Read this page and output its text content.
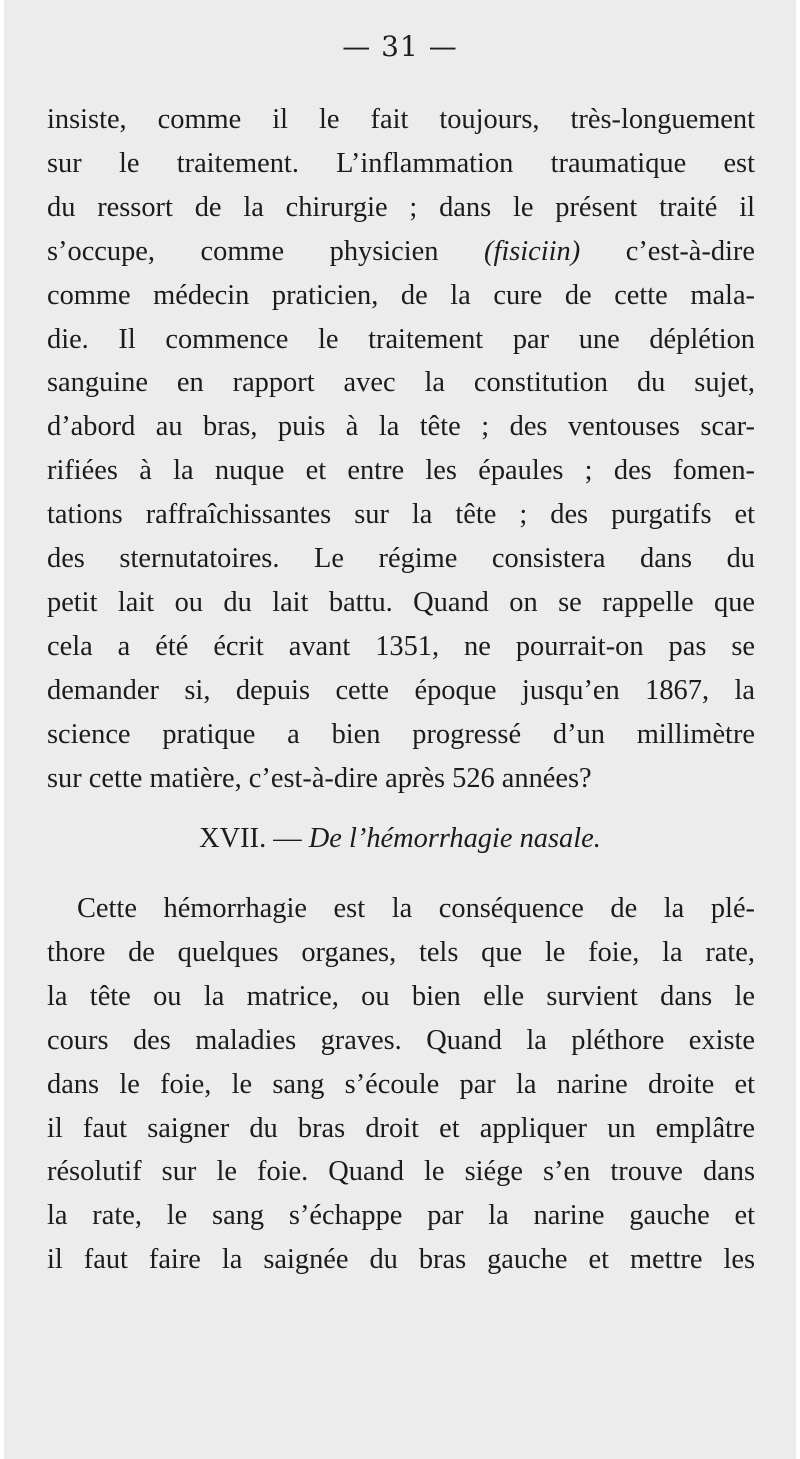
— 31 —

insiste, comme il le fait toujours, très-longuement
sur le traitement. L’inflammation traumatique est
du ressort de la chirurgie ; dans le présent traité il
s’occupe, comme physicien (fisiciin) c’est-à-dire
comme médecin praticien, de la cure de cette mala-
die. Il commence le traitement par une déplétion
sanguine en rapport avec la constitution du sujet,
d’abord au bras, puis à la tête ; des ventouses scar-
rifiées à la nuque et entre les épaules ; des fomen-
tations raffraîchissantes sur la tête ; des purgatifs et
des sternutatoires. Le régime consistera dans du
petit lait ou du lait battu. Quand on se rappelle que
cela a été écrit avant 1351, ne pourrait-on pas se
demander si, depuis cette époque jusqu’en 1867, la
science pratique a bien progressé d’un millimètre
sur cette matière, c’est-à-dire après 526 années?

XVII. — De l’hémorrhagie nasale.

Cette hémorrhagie est la conséquence de la plé-
thore de quelques organes, tels que le foie, la rate,
la tête ou la matrice, ou bien elle survient dans le
cours des maladies graves. Quand la pléthore existe
dans le foie, le sang s’écoule par la narine droite et
il faut saigner du bras droit et appliquer un emplâtre
résolutif sur le foie. Quand le siége s’en trouve dans
la rate, le sang s’échappe par la narine gauche et
il faut faire la saignée du bras gauche et mettre les
